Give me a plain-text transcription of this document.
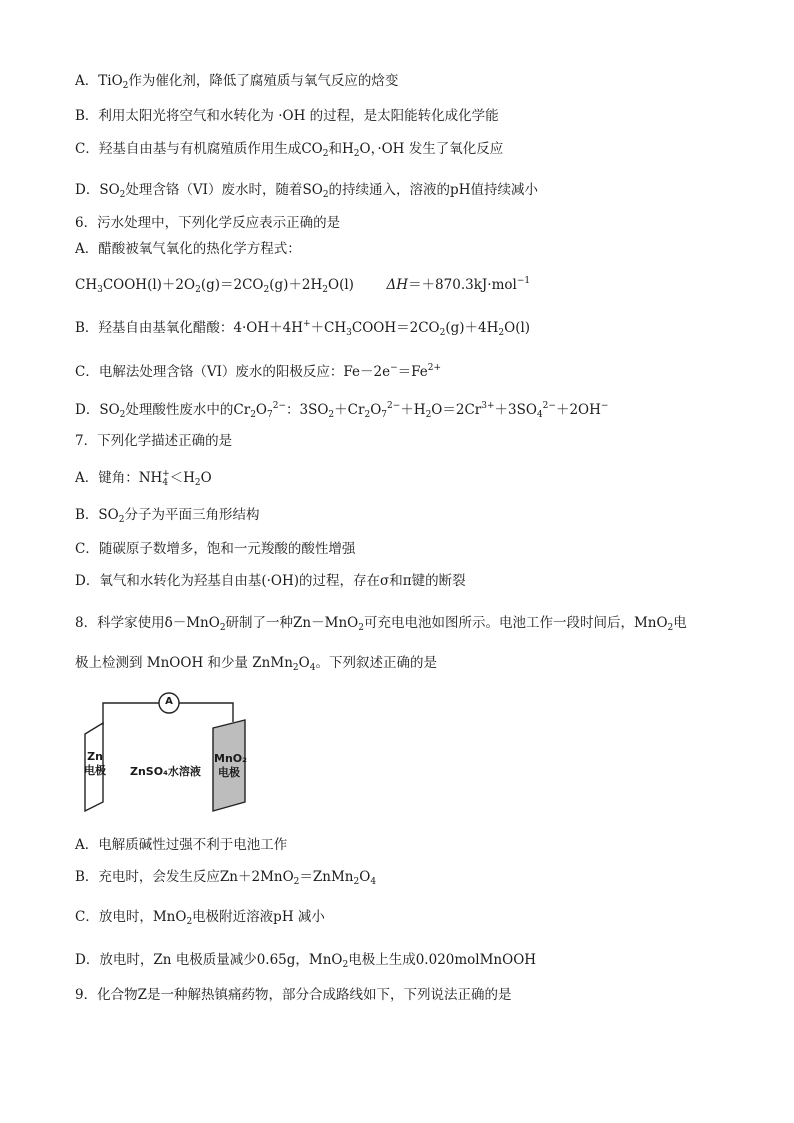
A．TiO$_2$作为催化剂，降低了腐殖质与氧气反应的焓变
B．利用太阳光将空气和水转化为 ·OH 的过程，是太阳能转化成化学能
C．羟基自由基与有机腐殖质作用生成$CO_2$和$H_2O$，·OH 发生了氧化反应
D．$SO_2$处理含铬（VI）废水时，随着$SO_2$的持续通入，溶液的pH值持续减小
6．污水处理中，下列化学反应表示正确的是
A．醋酸被氧气氧化的热化学方程式：
$CH_3COOH(l)+2O_2(g)=2CO_2(g)+2H_2O(l)$ ΔH＝＋870.3kJ·mol$^{-1}$
B．羟基自由基氧化醋酸：$4\cdot OH+4H^++CH_3COOH=2CO_2(g)+4H_2O(l)$
C．电解法处理含铬（VI）废水的阳极反应：$Fe-2e^-=Fe^{2+}$
D．$SO_2$处理酸性废水中的$Cr_2O_7^{2-}$：$3SO_2+Cr_2O_7^{2-}+H_2O=2Cr^{3+}+3SO_4^{2-}+2OH^-$
7．下列化学描述正确的是
A．键角：$NH_4^+<H_2O$
B．$SO_2$分子为平面三角形结构
C．随碳原子数增多，饱和一元羧酸的酸性增强
D．氧气和水转化为羟基自由基(·OH)的过程，存在σ和π键的断裂
8．科学家使用δ－MnO$_2$研制了一种Zn－MnO$_2$可充电电池如图所示。电池工作一段时间后，MnO$_2$电
极上检测到 MnOOH 和少量 $ZnMn_2O_4$。下列叙述正确的是
A
Zn
电极 ZnSO₄水溶液
MnO₂
电极
A．电解质碱性过强不利于电池工作
B．充电时，会发生反应$Zn+2MnO_2=ZnMn_2O_4$
C．放电时，MnO$_2$电极附近溶液pH 减小
D．放电时，Zn 电极质量减少0.65g，MnO$_2$电极上生成0.020molMnOOH
9．化合物Z是一种解热镇痛药物，部分合成路线如下，下列说法正确的是
